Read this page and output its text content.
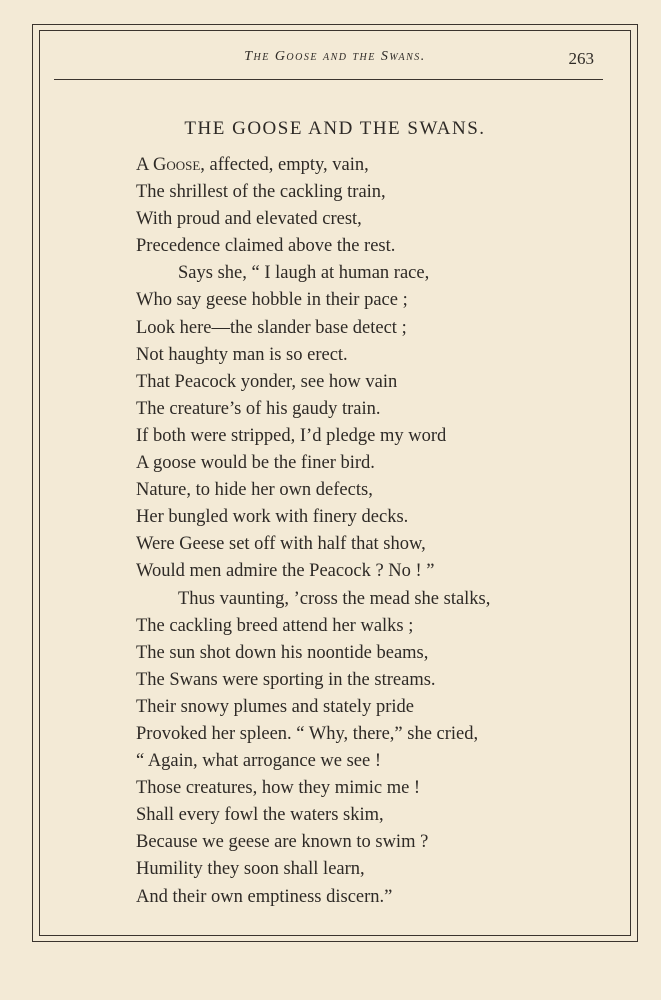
The Goose and the Swans.	263
THE GOOSE AND THE SWANS.
A Goose, affected, empty, vain,
The shrillest of the cackling train,
With proud and elevated crest,
Precedence claimed above the rest.
Says she, “ I laugh at human race,
Who say geese hobble in their pace ;
Look here—the slander base detect ;
Not haughty man is so erect.
That Peacock yonder, see how vain
The creature’s of his gaudy train.
If both were stripped, I’d pledge my word
A goose would be the finer bird.
Nature, to hide her own defects,
Her bungled work with finery decks.
Were Geese set off with half that show,
Would men admire the Peacock ? No ! ”
Thus vaunting, ’cross the mead she stalks,
The cackling breed attend her walks ;
The sun shot down his noontide beams,
The Swans were sporting in the streams.
Their snowy plumes and stately pride
Provoked her spleen. “ Why, there,” she cried,
“ Again, what arrogance we see !
Those creatures, how they mimic me !
Shall every fowl the waters skim,
Because we geese are known to swim ?
Humility they soon shall learn,
And their own emptiness discern.”
